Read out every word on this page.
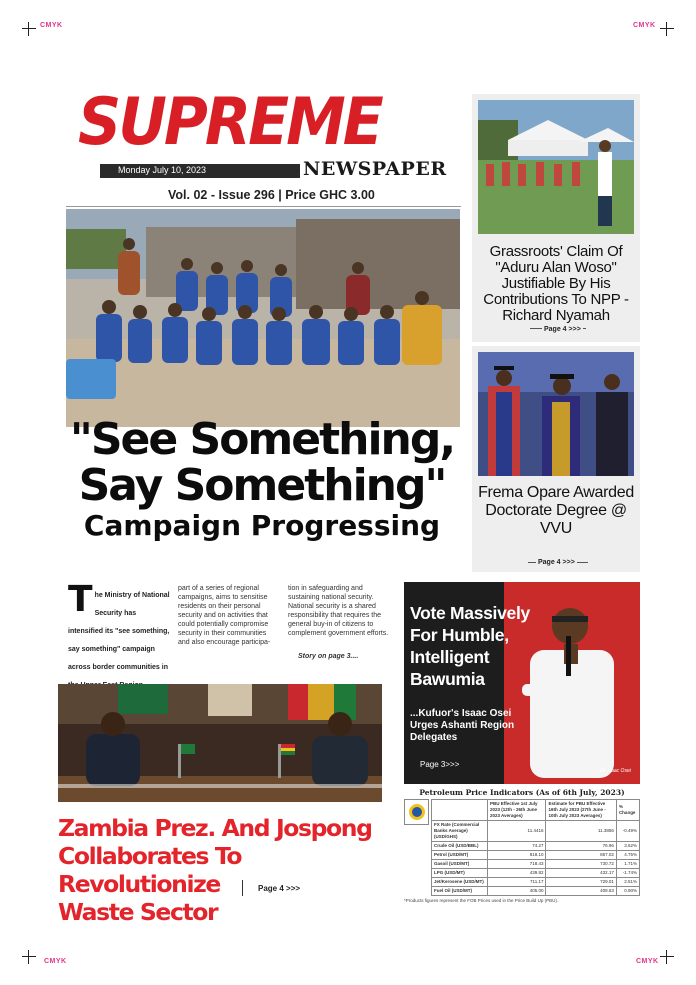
CMYK	CMYK
CMYK	CMYK
SUPREME
Monday July 10, 2023	NEWSPAPER
Vol. 02 - Issue 296 | Price GHC 3.00
"See Something,
Say Something"
Campaign Progressing
T he Ministry of National Security has intensified its "see something, say something" campaign across border communities in
part of a series of regional campaigns, aims to sensitise residents on their personal security and on activities that could potentially compromise security in their communities and also encourage participa-
tion in safeguarding and sustaining national security. National security is a shared responsibility that requires the general buy-in of citizens to complement government efforts.
Story on page 3....
Grassroots' Claim Of "Aduru Alan Woso" Justifiable By His Contributions To NPP - Richard Nyamah
Page 4 >>>
Frema Opare Awarded Doctorate Degree @ VVU
Page 4 >>>
Vote Massively
For Humble,
Intelligent
Bawumia
...Kufuor's Isaac Osei Urges Ashanti Region Delegates
Page 3>>>
Mr Isaac Osei
Zambia Prez. And Jospong
Collaborates To Revolutionize
Waste Sector
Page 4 >>>
Petroleum Price Indicators (As of 6th July, 2023)
	PBU Effective 1st July 2023 (12th - 26th June 2023 Averages)	Estimate for PBU Effective 16th July 2023 (27th June - 10th July 2023 Averages)	% Change
FX Rate (Commercial Banks Average) (USD/GHS)	11.4416	11.3856	-0.49%
Crude Oil (USD/BBL)	74.27	76.96	3.62%
Petrol (USD/MT)	818.10	857.02	4.75%
Gasoil (USD/MT)	718.43	730.72	1.71%
LPG (USD/MT)	439.82	432.17	-1.74%
Jet/Kerosene (USD/MT)	711.17	729.01	2.51%
Fuel Oil (USD/MT)	405.00	408.63	0.90%
*Products figures represent the FOB Prices used in the Price Build Up (PBU).
